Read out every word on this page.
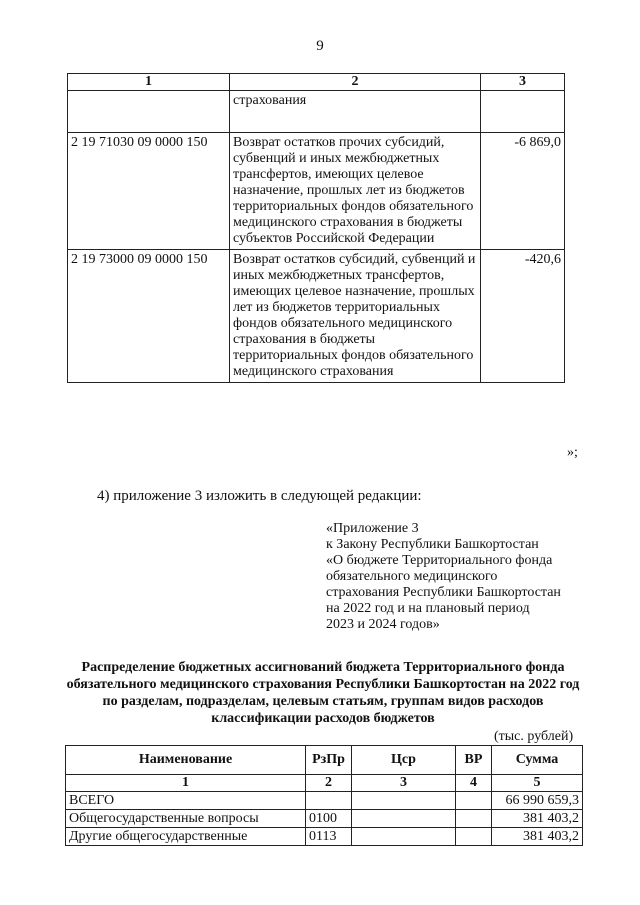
9
1	2	3
	страхования	
2 19 71030 09 0000 150	Возврат остатков прочих субсидий, субвенций и иных межбюджетных трансфертов, имеющих целевое назначение, прошлых лет из бюджетов территориальных фондов обязательного медицинского страхования в бюджеты субъектов Российской Федерации	-6 869,0
2 19 73000 09 0000 150	Возврат остатков субсидий, субвенций и иных межбюджетных трансфертов, имеющих целевое назначение, прошлых лет из бюджетов территориальных фондов обязательного медицинского страхования в бюджеты территориальных фондов обязательного медицинского страхования	-420,6
»;
4) приложение 3 изложить в следующей редакции:
«Приложение 3
к Закону Республики Башкортостан
«О бюджете Территориального фонда
обязательного медицинского
страхования Республики Башкортостан
на 2022 год и на плановый период
2023 и 2024 годов»
Распределение бюджетных ассигнований бюджета Территориального фонда обязательного медицинского страхования Республики Башкортостан на 2022 год по разделам, подразделам, целевым статьям, группам видов расходов классификации расходов бюджетов
(тыс. рублей)
Наименование	РзПр	Цср	ВР	Сумма
1	2	3	4	5
ВСЕГО				66 990 659,3
Общегосударственные вопросы	0100			381 403,2
Другие общегосударственные	0113			381 403,2
